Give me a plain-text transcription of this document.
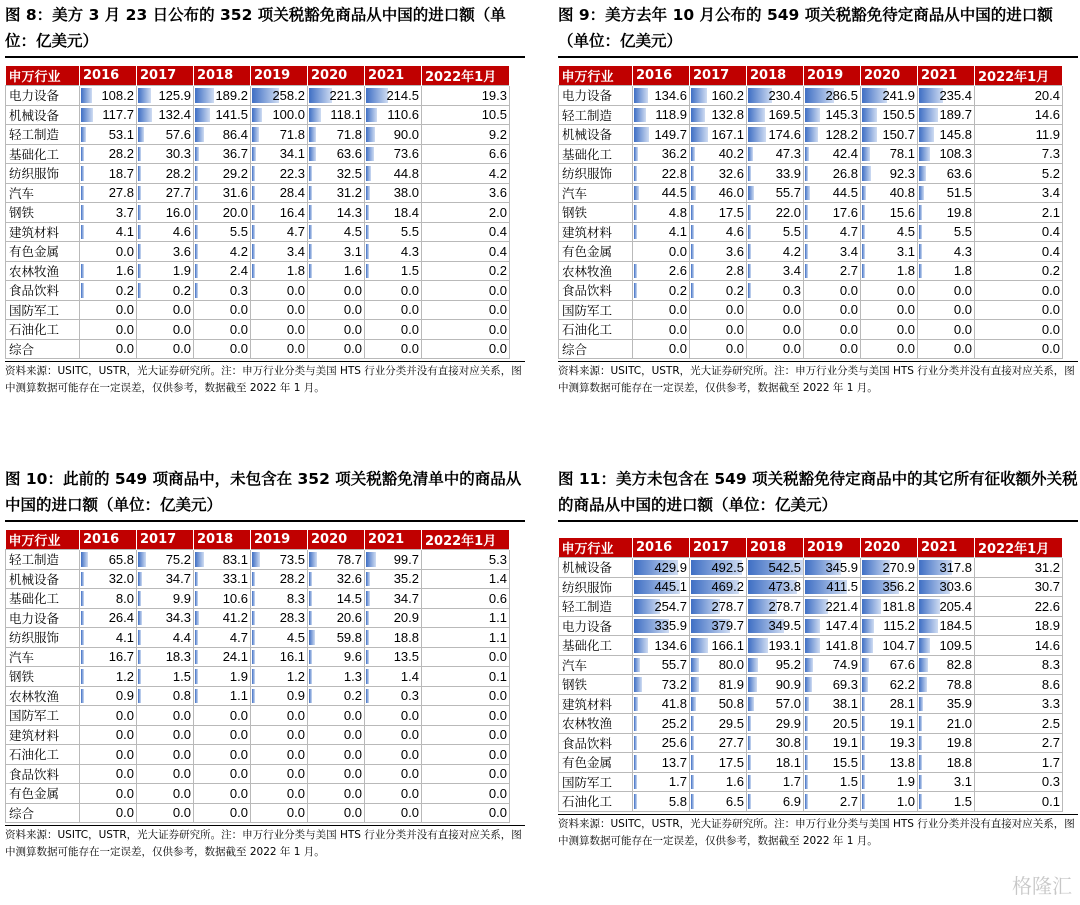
图 8：美方 3 月 23 日公布的 352 项关税豁免商品从中国的进口额（单位：亿美元）
申万行业	2016	2017	2018	2019	2020	2021	2022年1月
电力设备	108.2	125.9	189.2	258.2	221.3	214.5	19.3

机械设备	117.7	132.4	141.5	100.0	118.1	110.6	10.5

轻工制造	53.1	57.6	86.4	71.8	71.8	90.0	9.2

基础化工	28.2	30.3	36.7	34.1	63.6	73.6	6.6

纺织服饰	18.7	28.2	29.2	22.3	32.5	44.8	4.2

汽车	27.8	27.7	31.6	28.4	31.2	38.0	3.6

钢铁	3.7	16.0	20.0	16.4	14.3	18.4	2.0

建筑材料	4.1	4.6	5.5	4.7	4.5	5.5	0.4

有色金属	0.0	3.6	4.2	3.4	3.1	4.3	0.4

农林牧渔	1.6	1.9	2.4	1.8	1.6	1.5	0.2

食品饮料	0.2	0.2	0.3	0.0	0.0	0.0	0.0

国防军工	0.0	0.0	0.0	0.0	0.0	0.0	0.0

石油化工	0.0	0.0	0.0	0.0	0.0	0.0	0.0

综合	0.0	0.0	0.0	0.0	0.0	0.0	0.0
资料来源：USITC，USTR，光大证券研究所。注：申万行业分类与美国 HTS 行业分类并没有直接对应关系，图中测算数据可能存在一定误差，仅供参考，数据截至 2022 年 1 月。
图 9：美方去年 10 月公布的 549 项关税豁免待定商品从中国的进口额（单位：亿美元）
申万行业	2016	2017	2018	2019	2020	2021	2022年1月
电力设备	134.6	160.2	230.4	286.5	241.9	235.4	20.4

轻工制造	118.9	132.8	169.5	145.3	150.5	189.7	14.6

机械设备	149.7	167.1	174.6	128.2	150.7	145.8	11.9

基础化工	36.2	40.2	47.3	42.4	78.1	108.3	7.3

纺织服饰	22.8	32.6	33.9	26.8	92.3	63.6	5.2

汽车	44.5	46.0	55.7	44.5	40.8	51.5	3.4

钢铁	4.8	17.5	22.0	17.6	15.6	19.8	2.1

建筑材料	4.1	4.6	5.5	4.7	4.5	5.5	0.4

有色金属	0.0	3.6	4.2	3.4	3.1	4.3	0.4

农林牧渔	2.6	2.8	3.4	2.7	1.8	1.8	0.2

食品饮料	0.2	0.2	0.3	0.0	0.0	0.0	0.0

国防军工	0.0	0.0	0.0	0.0	0.0	0.0	0.0

石油化工	0.0	0.0	0.0	0.0	0.0	0.0	0.0

综合	0.0	0.0	0.0	0.0	0.0	0.0	0.0
资料来源：USITC，USTR，光大证券研究所。注：申万行业分类与美国 HTS 行业分类并没有直接对应关系，图中测算数据可能存在一定误差，仅供参考，数据截至 2022 年 1 月。
图 10：此前的 549 项商品中，未包含在 352 项关税豁免清单中的商品从中国的进口额（单位：亿美元）
申万行业	2016	2017	2018	2019	2020	2021	2022年1月
轻工制造	65.8	75.2	83.1	73.5	78.7	99.7	5.3

机械设备	32.0	34.7	33.1	28.2	32.6	35.2	1.4

基础化工	8.0	9.9	10.6	8.3	14.5	34.7	0.6

电力设备	26.4	34.3	41.2	28.3	20.6	20.9	1.1

纺织服饰	4.1	4.4	4.7	4.5	59.8	18.8	1.1

汽车	16.7	18.3	24.1	16.1	9.6	13.5	0.0

钢铁	1.2	1.5	1.9	1.2	1.3	1.4	0.1

农林牧渔	0.9	0.8	1.1	0.9	0.2	0.3	0.0

国防军工	0.0	0.0	0.0	0.0	0.0	0.0	0.0

建筑材料	0.0	0.0	0.0	0.0	0.0	0.0	0.0

石油化工	0.0	0.0	0.0	0.0	0.0	0.0	0.0

食品饮料	0.0	0.0	0.0	0.0	0.0	0.0	0.0

有色金属	0.0	0.0	0.0	0.0	0.0	0.0	0.0

综合	0.0	0.0	0.0	0.0	0.0	0.0	0.0
资料来源：USITC，USTR，光大证券研究所。注：申万行业分类与美国 HTS 行业分类并没有直接对应关系，图中测算数据可能存在一定误差，仅供参考，数据截至 2022 年 1 月。
图 11：美方未包含在 549 项关税豁免待定商品中的其它所有征收额外关税的商品从中国的进口额（单位：亿美元）
申万行业	2016	2017	2018	2019	2020	2021	2022年1月
机械设备	429.9	492.5	542.5	345.9	270.9	317.8	31.2

纺织服饰	445.1	469.2	473.8	411.5	356.2	303.6	30.7

轻工制造	254.7	278.7	278.7	221.4	181.8	205.4	22.6

电力设备	335.9	379.7	349.5	147.4	115.2	184.5	18.9

基础化工	134.6	166.1	193.1	141.8	104.7	109.5	14.6

汽车	55.7	80.0	95.2	74.9	67.6	82.8	8.3

钢铁	73.2	81.9	90.9	69.3	62.2	78.8	8.6

建筑材料	41.8	50.8	57.0	38.1	28.1	35.9	3.3

农林牧渔	25.2	29.5	29.9	20.5	19.1	21.0	2.5

食品饮料	25.6	27.7	30.8	19.1	19.3	19.8	2.7

有色金属	13.7	17.5	18.1	15.5	13.8	18.8	1.7

国防军工	1.7	1.6	1.7	1.5	1.9	3.1	0.3

石油化工	5.8	6.5	6.9	2.7	1.0	1.5	0.1
资料来源：USITC，USTR，光大证券研究所。注：申万行业分类与美国 HTS 行业分类并没有直接对应关系，图中测算数据可能存在一定误差，仅供参考，数据截至 2022 年 1 月。
格隆汇
